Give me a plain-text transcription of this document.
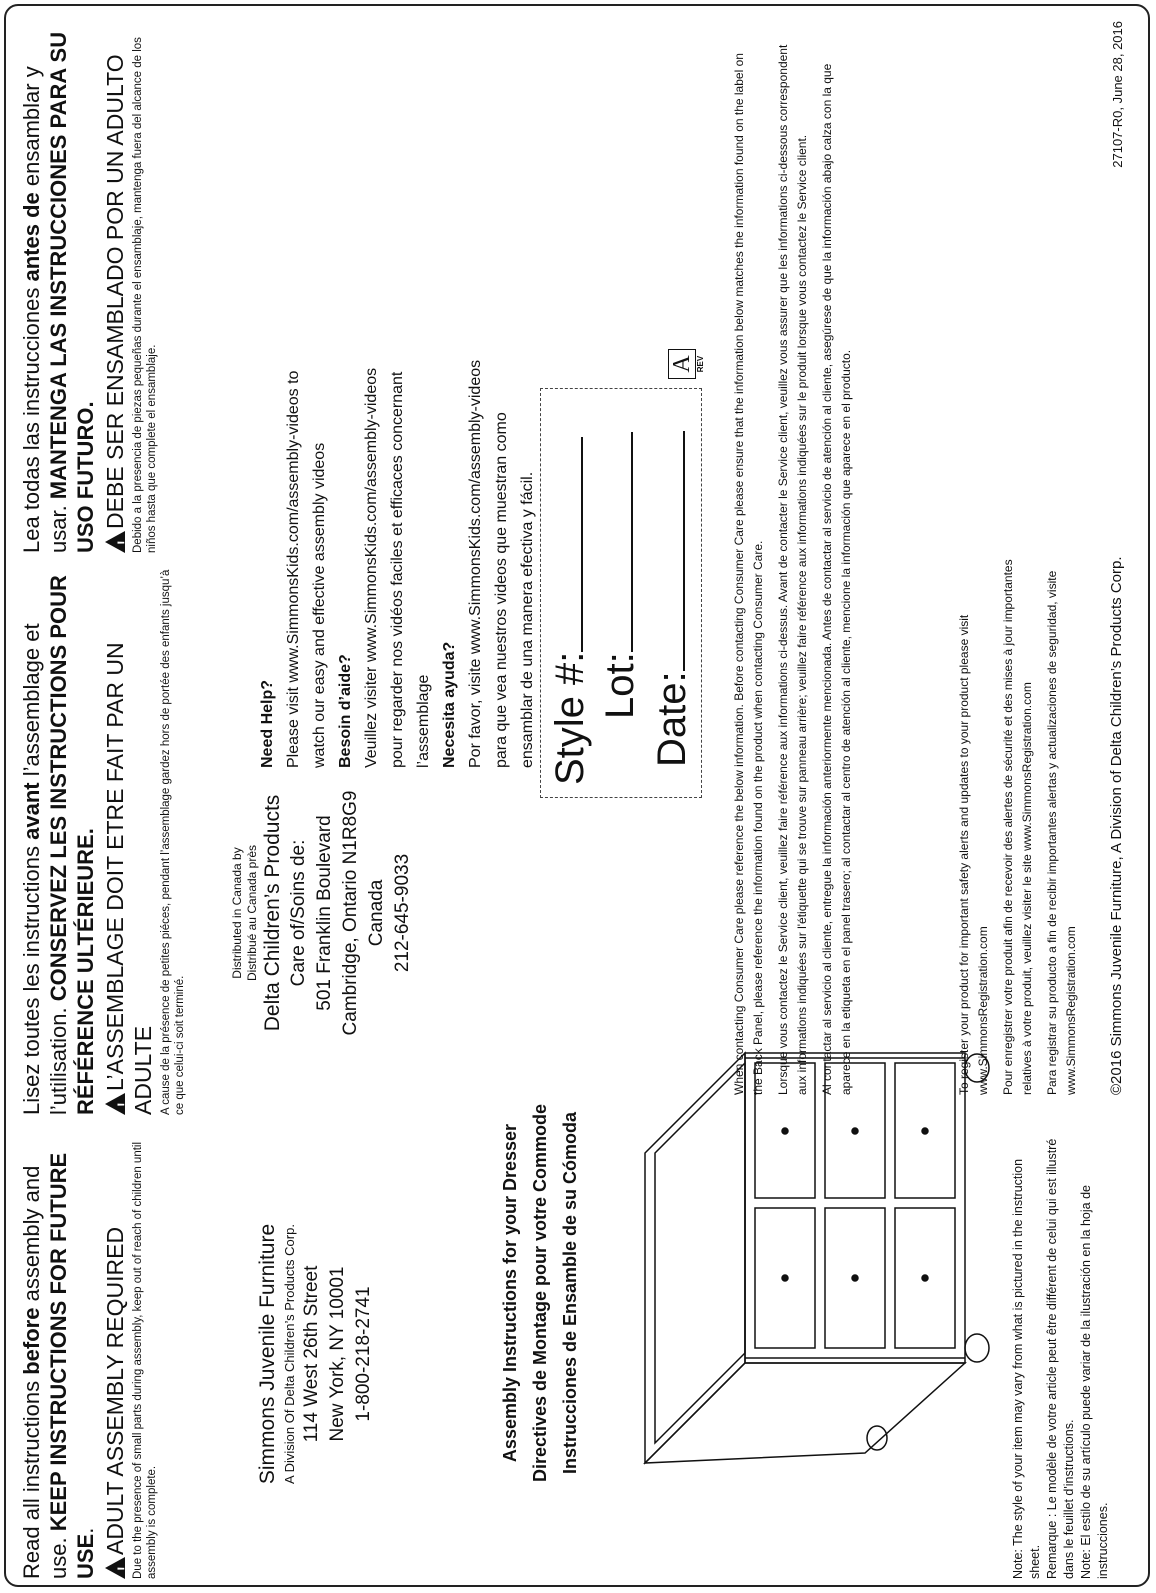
Read all instructions before assembly and use. KEEP INSTRUCTIONS FOR FUTURE USE.
!
ADULT ASSEMBLY REQUIRED Due to the presence of small parts during assembly, keep out of reach of children until assembly is complete.
Lisez toutes les instructions avant l’assemblage et l’utilisation. CONSERVEZ LES INSTRUCTIONS POUR RÉFÉRENCE ULTÉRIEURE.	!
L’ASSEMBLAGE DOIT ETRE FAIT PAR UN ADULTE A cause de la présence de petites piéces, pendant l’assemblage gardez hors de portée des enfants jusqu’à ce que celui-ci soit terminé.
Lea todas las instrucciones antes de ensamblar y usar. MANTENGA LAS INSTRUCCIONES PARA SU USO FUTURO.	!
DEBE SER ENSAMBLADO POR UN ADULTO Debido a la presencia de piezas pequeñas durante el ensamblaje, mantenga fuera del alcance de los niños hasta que complete el ensamblaje.
Simmons Juvenile Furniture A Division Of Delta Children’s Products Corp. 114 West 26th Street New York, NY 10001 1-800-218-2741
Distributed in Canada by Distribué au Canada près Delta Children’s Products Care of/Soins de: 501 Franklin Boulevard Cambridge, Ontario N1R8G9 Canada 212-645-9033
Need Help? Please visit www.SimmonsKids.com/assembly-videos to watch our easy and effective assembly videos Besoin d’aide? Veuillez visiter www.SimmonsKids.com/assembly-videos pour regarder nos vidéos faciles et efficaces concernant l’assemblage Necesita ayuda? Por favor, visite www.SimmonsKids.com/assembly-videos para que vea nuestros videos que muestran como ensamblar de una manera efectiva y fácil.
Assembly Instructions for your Dresser Directives de Montage pour votre Commode Instrucciones de Ensamble de su Cómoda
Style #: Lot: Date:
A REV
Note: The style of your item may vary from what is pictured in the instruction sheet. Remarque : Le modèle de votre article peut être différent de celui qui est illustré dans le feuillet d'instructions. Note: El estilo de su artículo puede variar de la ilustración en la hoja de instrucciones.
When contacting Consumer Care please reference the below information. Before contacting Consumer Care please ensure that the information below matches the information found on the label on the Back Panel, please reference the information found on the product when contacting Consumer Care. Lorsque vous contactez le Service client, veuillez faire référence aux informations ci-dessus. Avant de contacter le Service client, veuillez vous assurer que les informations ci-dessous correspondent aux informations indiquées sur l'étiquette qui se trouve sur panneau arrière; veuillez faire référence aux informations indiquées sur le produit lorsque vous contactez le Service client. Al contactar al servicio al cliente, entregue la información anteriormente mencionada. Antes de contactar al servicio de atención al cliente, asegúrese de que la información abajo calza con la que aparece en la etiqueta en el panel trasero; al contactar al centro de atención al cliente, mencione la información que aparece en el producto.	To register your product for important safety alerts and updates to your product please visit www.SimmonsRegistration.com Pour enregistrer votre produit afin de recevoir des alertes de sécurité et des mises à jour importantes relatives à votre produit, veuillez visiter le site www.SimmonsRegistration.com Para registrar su producto a fin de recibir importantes alertas y actualizaciones de seguridad, visite www.SimmonsRegistration.com ©2016 Simmons Juvenile Furniture, A Division of Delta Children’s Products Corp.
27107-R0, June 28, 2016
